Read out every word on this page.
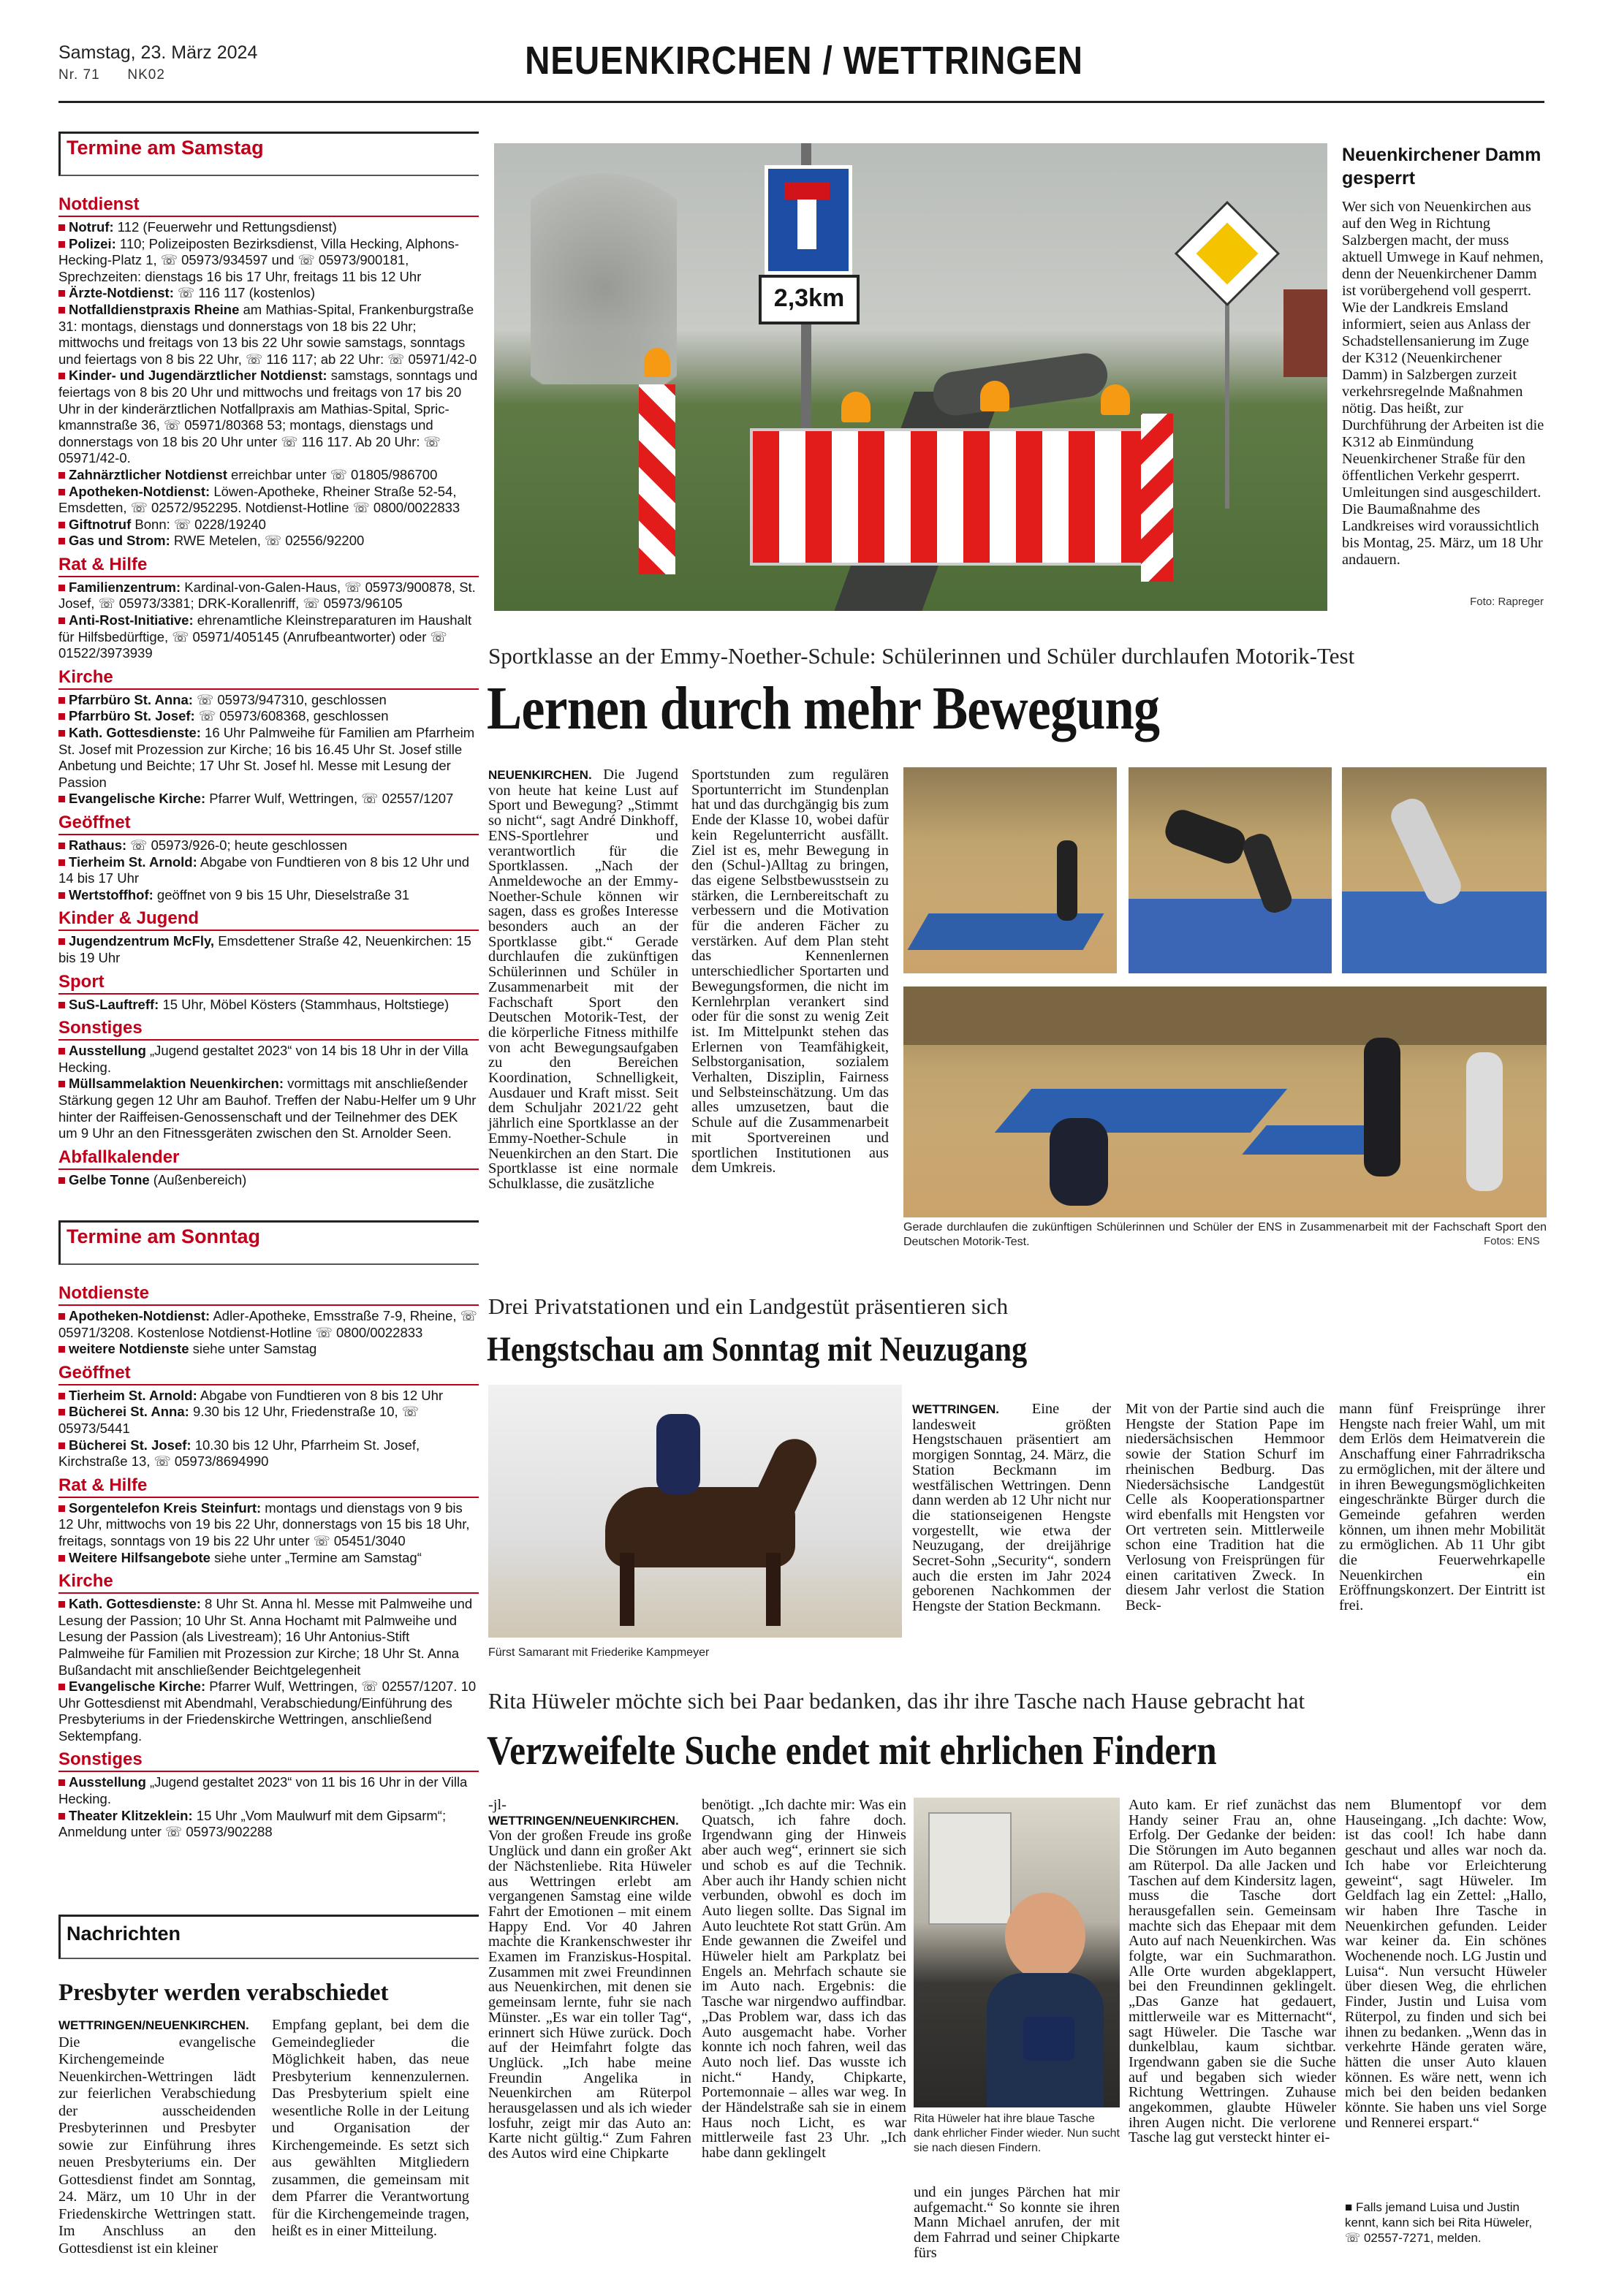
Samstag, 23. März 2024
Nr. 71      NK02	NEUENKIRCHEN / WETTRINGEN
Termine am Samstag
Notdienst

Notruf: 112 (Feuerwehr und Rettungsdienst)

Polizei: 110; Polizeiposten Bezirksdienst, Villa Hecking, Alphons-Hecking-Platz 1, ☏ 05973/934597 und ☏ 05973/900181, Sprechzeiten: dienstags 16 bis 17 Uhr, freitags 11 bis 12 Uhr

Ärzte-Notdienst: ☏ 116 117 (kostenlos)

Notfalldienstpraxis Rheine am Mathias-Spital, Frankenburgstraße 31: montags, dienstags und donnerstags von 18 bis 22 Uhr; mittwochs und freitags von 13 bis 22 Uhr sowie samstags, sonntags und feiertags von 8 bis 22 Uhr, ☏ 116 117; ab 22 Uhr: ☏ 05971/42-0

Kinder- und Jugendärztlicher Notdienst: samstags, sonntags und feiertags von 8 bis 20 Uhr und mittwochs und freitags von 17 bis 20 Uhr in der kinderärztlichen Notfallpraxis am Mathias-Spital, Sprickmannstraße 36, ☏ 05971/80368 53; montags, dienstags und donnerstags von 18 bis 20 Uhr unter ☏ 116 117. Ab 20 Uhr: ☏ 05971/42-0.

Zahnärztlicher Notdienst erreichbar unter ☏ 01805/986700

Apotheken-Notdienst: Löwen-Apotheke, Rheiner Straße 52-54, Emsdetten, ☏ 02572/952295. Notdienst-Hotline ☏ 0800/0022833

Giftnotruf Bonn: ☏ 0228/19240

Gas und Strom: RWE Metelen, ☏ 02556/92200

Rat & Hilfe

Familienzentrum: Kardinal-von-Galen-Haus, ☏ 05973/900878, St. Josef, ☏ 05973/3381; DRK-Korallenriff, ☏ 05973/96105

Anti-Rost-Initiative: ehrenamtliche Kleinstreparaturen im Haushalt für Hilfsbedürftige, ☏ 05971/405145 (Anrufbeantworter) oder ☏ 01522/3973939

Kirche

Pfarrbüro St. Anna: ☏ 05973/947310, geschlossen

Pfarrbüro St. Josef: ☏ 05973/608368, geschlossen

Kath. Gottesdienste: 16 Uhr Palmweihe für Familien am Pfarrheim St. Josef mit Prozession zur Kirche; 16 bis 16.45 Uhr St. Josef stille Anbetung und Beichte; 17 Uhr St. Josef hl. Messe mit Lesung der Passion

Evangelische Kirche: Pfarrer Wulf, Wettringen, ☏ 02557/1207

Geöffnet

Rathaus: ☏ 05973/926-0; heute geschlossen

Tierheim St. Arnold: Abgabe von Fundtieren von 8 bis 12 Uhr und 14 bis 17 Uhr

Wertstoffhof: geöffnet von 9 bis 15 Uhr, Dieselstraße 31

Kinder & Jugend

Jugendzentrum McFly, Emsdettener Straße 42, Neuenkirchen: 15 bis 19 Uhr

Sport

SuS-Lauftreff: 15 Uhr, Möbel Kösters (Stammhaus, Holtstiege)

Sonstiges

Ausstellung „Jugend gestaltet 2023“ von 14 bis 18 Uhr in der Villa Hecking.

Müllsammelaktion Neuenkirchen: vormittags mit anschließender Stärkung gegen 12 Uhr am Bauhof. Treffen der Nabu-Helfer um 9 Uhr hinter der Raiffeisen-Genossenschaft und der Teilnehmer des DEK um 9 Uhr an den Fitnessgeräten zwischen den St. Arnolder Seen.

Abfallkalender

Gelbe Tonne (Außenbereich)

Termine am Sonntag
Notdienste

Apotheken-Notdienst: Adler-Apotheke, Emsstraße 7-9, Rheine, ☏ 05971/3208. Kostenlose Notdienst-Hotline ☏ 0800/0022833

weitere Notdienste siehe unter Samstag

Geöffnet

Tierheim St. Arnold: Abgabe von Fundtieren von 8 bis 12 Uhr

Bücherei St. Anna: 9.30 bis 12 Uhr, Friedenstraße 10, ☏ 05973/5441

Bücherei St. Josef: 10.30 bis 12 Uhr, Pfarrheim St. Josef, Kirchstraße 13, ☏ 05973/8694990

Rat & Hilfe

Sorgentelefon Kreis Steinfurt: montags und dienstags von 9 bis 12 Uhr, mittwochs von 19 bis 22 Uhr, donnerstags von 15 bis 18 Uhr, freitags, sonntags von 19 bis 22 Uhr unter ☏ 05451/3040

Weitere Hilfsangebote siehe unter „Termine am Samstag“

Kirche

Kath. Gottesdienste: 8 Uhr St. Anna hl. Messe mit Palmweihe und Lesung der Passion; 10 Uhr St. Anna Hochamt mit Palmweihe und Lesung der Passion (als Livestream); 16 Uhr Antonius-Stift Palmweihe für Familien mit Prozession zur Kirche; 18 Uhr St. Anna Bußandacht mit anschließender Beichtgelegenheit

Evangelische Kirche: Pfarrer Wulf, Wettringen, ☏ 02557/1207. 10 Uhr Gottesdienst mit Abendmahl, Verabschiedung/Einführung des Presbyteriums in der Friedenskirche Wettringen, anschließend Sektempfang.

Sonstiges

Ausstellung „Jugend gestaltet 2023“ von 11 bis 16 Uhr in der Villa Hecking.

Theater Klitzeklein: 15 Uhr „Vom Maulwurf mit dem Gipsarm“; Anmeldung unter ☏ 05973/902288

Nachrichten
Presbyter werden verabschiedet
WETTRINGEN/NEUENKIRCHEN. Die evangelische Kirchengemeinde Neuenkirchen-Wettringen lädt zur feierlichen Verabschiedung der ausscheidenden Presbyterinnen und Presbyter sowie zur Einführung ihres neuen Presbyteriums ein. Der Gottesdienst findet am Sonntag, 24. März, um 10 Uhr in der Friedenskirche Wettringen statt. Im Anschluss an den Gottesdienst ist ein kleiner
Empfang geplant, bei dem die Gemeindeglieder die Möglichkeit haben, das neue Presbyterium kennenzulernen. Das Presbyterium spielt eine wesentliche Rolle in der Leitung und Organisation der Kirchengemeinde. Es setzt sich aus gewählten Mitgliedern zusammen, die gemeinsam mit dem Pfarrer die Verantwortung für die Kirchengemeinde tragen, heißt es in einer Mitteilung.
2,3km
Neuenkirchener Damm gesperrt
Wer sich von Neuenkirchen aus auf den Weg in Richtung Salzbergen macht, der muss aktuell Umwege in Kauf nehmen, denn der Neuenkirchener Damm ist vorübergehend voll gesperrt. Wie der Landkreis Emsland informiert, seien aus Anlass der Schadstellensanierung im Zuge der K312 (Neuenkirchener Damm) in Salzbergen zurzeit verkehrsregelnde Maßnahmen nötig. Das heißt, zur Durchführung der Arbeiten ist die K312 ab Einmündung Neuenkirchener Straße für den öffentlichen Verkehr gesperrt. Umleitungen sind ausgeschildert. Die Baumaßnahme des Landkreises wird voraussichtlich bis Montag, 25. März, um 18 Uhr andauern.
Foto: Rapreger
Sportklasse an der Emmy-Noether-Schule: Schülerinnen und Schüler durchlaufen Motorik-Test
Lernen durch mehr Bewegung
NEUENKIRCHEN. Die Jugend von heute hat keine Lust auf Sport und Bewegung? „Stimmt so nicht“, sagt André Dinkhoff, ENS-Sportlehrer und verantwortlich für die Sportklassen. „Nach der Anmeldewoche an der Emmy-Noether-Schule können wir sagen, dass es großes Interesse besonders auch an der Sportklasse gibt.“ Gerade durchlaufen die zukünftigen Schülerinnen und Schüler in Zusammenarbeit mit der Fachschaft Sport den Deutschen Motorik-Test, der die körperliche Fitness mithilfe von acht Bewegungsaufgaben zu den Bereichen Koordination, Schnelligkeit, Ausdauer und Kraft misst. Seit dem Schuljahr 2021/22 geht jährlich eine Sportklasse an der Emmy-Noether-Schule in Neuenkirchen an den Start. Die Sportklasse ist eine normale Schulklasse, die zusätzliche
Sportstunden zum regulären Sportunterricht im Stundenplan hat und das durchgängig bis zum Ende der Klasse 10, wobei dafür kein Regelunterricht ausfällt. Ziel ist es, mehr Bewegung in den (Schul-)Alltag zu bringen, das eigene Selbstbewusstsein zu stärken, die Lernbereitschaft zu verbessern und die Motivation für die anderen Fächer zu verstärken. Auf dem Plan steht das Kennenlernen unterschiedlicher Sportarten und Bewegungsformen, die nicht im Kernlehrplan verankert sind oder für die sonst zu wenig Zeit ist. Im Mittelpunkt stehen das Erlernen von Teamfähigkeit, Selbstorganisation, sozialem Verhalten, Disziplin, Fairness und Selbsteinschätzung. Um das alles umzusetzen, baut die Schule auf die Zusammenarbeit mit Sportvereinen und sportlichen Institutionen aus dem Umkreis.
Gerade durchlaufen die zukünftigen Schülerinnen und Schüler der ENS in Zusammenarbeit mit der Fachschaft Sport den Deutschen Motorik-Test.	Fotos: ENS
Drei Privatstationen und ein Landgestüt präsentieren sich
Hengstschau am Sonntag mit Neuzugang
Fürst Samarant mit Friederike Kampmeyer
WETTRINGEN. Eine der landesweit größten Hengstschauen präsentiert am morgigen Sonntag, 24. März, die Station Beckmann im westfälischen Wettringen. Denn dann werden ab 12 Uhr nicht nur die stationseigenen Hengste vorgestellt, wie etwa der Neuzugang, der dreijährige Secret-Sohn „Security“, sondern auch die ersten im Jahr 2024 geborenen Nachkommen der Hengste der Station Beckmann.
Mit von der Partie sind auch die Hengste der Station Pape im niedersächsischen Hemmoor sowie der Station Schurf im rheinischen Bedburg. Das Niedersächsische Landgestüt Celle als Kooperationspartner wird ebenfalls mit Hengsten vor Ort vertreten sein. Mittlerweile schon eine Tradition hat die Verlosung von Freisprüngen für einen caritativen Zweck. In diesem Jahr verlost die Station Beck-
mann fünf Freisprünge ihrer Hengste nach freier Wahl, um mit dem Erlös dem Heimatverein die Anschaffung einer Fahrradrikscha zu ermöglichen, mit der ältere und in ihren Bewegungsmöglichkeiten eingeschränkte Bürger durch die Gemeinde gefahren werden können, um ihnen mehr Mobilität zu ermöglichen. Ab 11 Uhr gibt die Feuerwehrkapelle Neuenkirchen ein Eröffnungskonzert. Der Eintritt ist frei.
Rita Hüweler möchte sich bei Paar bedanken, das ihr ihre Tasche nach Hause gebracht hat
Verzweifelte Suche endet mit ehrlichen Findern
-jl- WETTRINGEN/NEUENKIRCHEN. Von der großen Freude ins große Unglück und dann ein großer Akt der Nächstenliebe. Rita Hüweler aus Wettringen erlebt am vergangenen Samstag eine wilde Fahrt der Emotionen – mit einem Happy End. Vor 40 Jahren machte die Krankenschwester ihr Examen im Franziskus-Hospital. Zusammen mit zwei Freundinnen aus Neuenkirchen, mit denen sie gemeinsam lernte, fuhr sie nach Münster. „Es war ein toller Tag“, erinnert sich Hüwe zurück. Doch auf der Heimfahrt folgte das Unglück. „Ich habe meine Freundin Angelika in Neuenkirchen am Rüterpol herausgelassen und als ich wieder losfuhr, zeigt mir das Auto an: Karte nicht gültig.“ Zum Fahren des Autos wird eine Chipkarte
benötigt. „Ich dachte mir: Was ein Quatsch, ich fahre doch. Irgendwann ging der Hinweis aber auch weg“, erinnert sie sich und schob es auf die Technik. Aber auch ihr Handy schien nicht verbunden, obwohl es doch im Auto liegen sollte. Das Signal im Auto leuchtete Rot statt Grün. Am Ende gewannen die Zweifel und Hüweler hielt am Parkplatz bei Engels an. Mehrfach schaute sie im Auto nach. Ergebnis: die Tasche war nirgendwo auffindbar. „Das Problem war, dass ich das Auto ausgemacht habe. Vorher konnte ich noch fahren, weil das Auto noch lief. Das wusste ich nicht.“ Handy, Chipkarte, Portemonnaie – alles war weg. In der Händelstraße sah sie in einem Haus noch Licht, es war mittlerweile fast 23 Uhr. „Ich habe dann geklingelt
Rita Hüweler hat ihre blaue Tasche dank ehrlicher Finder wieder. Nun sucht sie nach diesen Findern.
und ein junges Pärchen hat mir aufgemacht.“ So konnte sie ihren Mann Michael anrufen, der mit dem Fahrrad und seiner Chipkarte fürs
Auto kam. Er rief zunächst das Handy seiner Frau an, ohne Erfolg. Der Gedanke der beiden: Die Störungen im Auto begannen am Rüterpol. Da alle Jacken und Taschen auf dem Kindersitz lagen, muss die Tasche dort herausgefallen sein. Gemeinsam machte sich das Ehepaar mit dem Auto auf nach Neuenkirchen. Was folgte, war ein Suchmarathon. Alle Orte wurden abgeklappert, bei den Freundinnen geklingelt. „Das Ganze hat gedauert, mittlerweile war es Mitternacht“, sagt Hüweler. Die Tasche war dunkelblau, kaum sichtbar. Irgendwann gaben sie die Suche auf und begaben sich wieder Richtung Wettringen. Zuhause angekommen, glaubte Hüweler ihren Augen nicht. Die verlorene Tasche lag gut versteckt hinter ei-
nem Blumentopf vor dem Hauseingang. „Ich dachte: Wow, ist das cool! Ich habe dann geschaut und alles war noch da. Ich habe vor Erleichterung geweint“, sagt Hüweler. Im Geldfach lag ein Zettel: „Hallo, wir haben Ihre Tasche in Neuenkirchen gefunden. Leider war keiner da. Ein schönes Wochenende noch. LG Justin und Luisa“. Nun versucht Hüweler über diesen Weg, die ehrlichen Finder, Justin und Luisa vom Rüterpol, zu finden und sich bei ihnen zu bedanken. „Wenn das in verkehrte Hände geraten wäre, hätten die unser Auto klauen können. Es wäre nett, wenn ich mich bei den beiden bedanken könnte. Sie haben uns viel Sorge und Rennerei erspart.“
■ Falls jemand Luisa und Justin kennt, kann sich bei Rita Hüweler, ☏ 02557-7271, melden.
